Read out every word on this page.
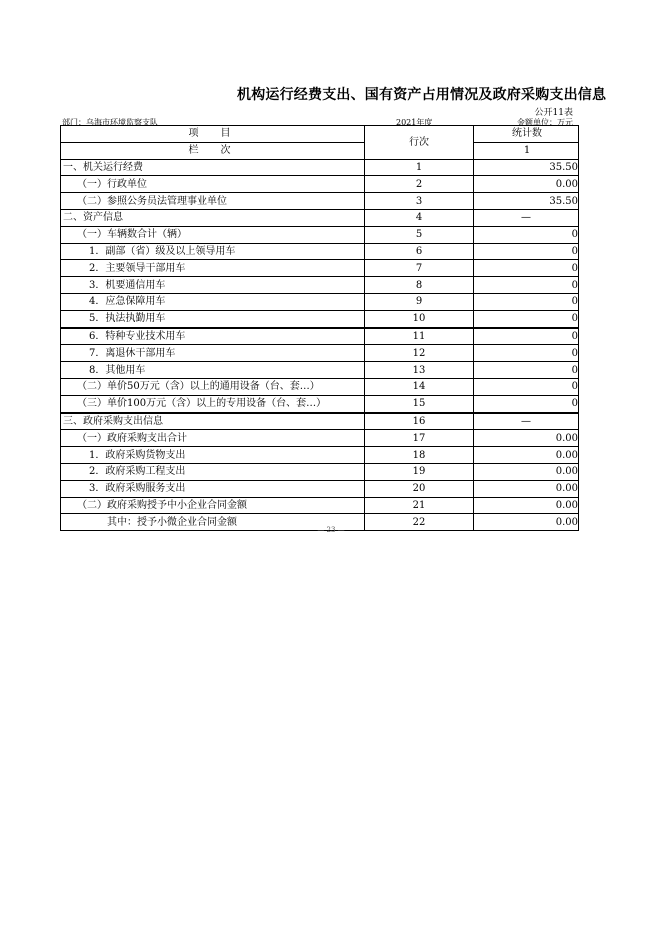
机构运行经费支出、国有资产占用情况及政府采购支出信息
公开11表
部门：乌海市环境监察支队	2021年度	金额单位：万元
项　目	行次	统计数
栏　次		1
一、机关运行经费	1	35.50
（一）行政单位	2	0.00
（二）参照公务员法管理事业单位	3	35.50
二、资产信息	4	—
（一）车辆数合计（辆）	5	0
1．副部（省）级及以上领导用车	6	0
2．主要领导干部用车	7	0
3．机要通信用车	8	0
4．应急保障用车	9	0
5．执法执勤用车	10	0
6．特种专业技术用车	11	0
7．离退休干部用车	12	0
8．其他用车	13	0
（二）单价50万元（含）以上的通用设备（台、套…）	14	0
（三）单价100万元（含）以上的专用设备（台、套…）	15	0
三、政府采购支出信息	16	—
（一）政府采购支出合计	17	0.00
1．政府采购货物支出	18	0.00
2．政府采购工程支出	19	0.00
3．政府采购服务支出	20	0.00
（二）政府采购授予中小企业合同金额	21	0.00
其中：授予小微企业合同金额	22	0.00
— 23 —
